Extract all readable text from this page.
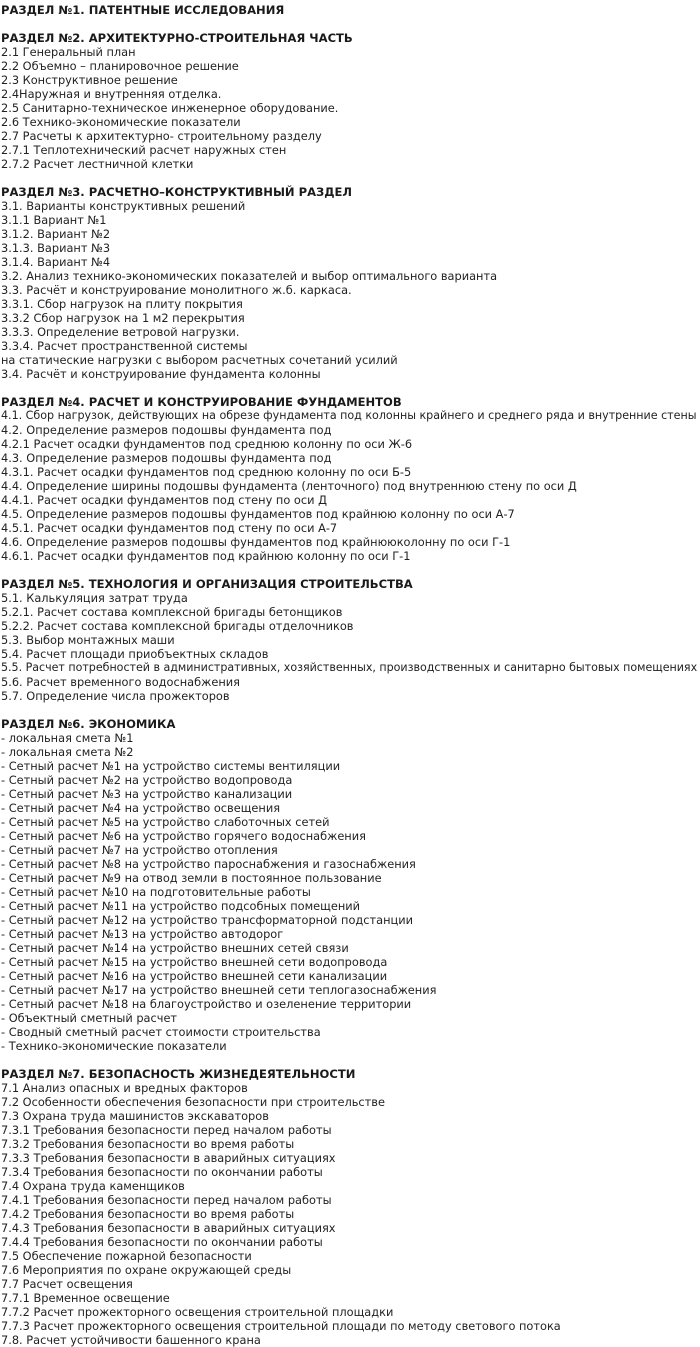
РАЗДЕЛ №1. ПАТЕНТНЫЕ ИССЛЕДОВАНИЯ
РАЗДЕЛ №2. АРХИТЕКТУРНО-СТРОИТЕЛЬНАЯ ЧАСТЬ
2.1 Генеральный план
2.2 Объемно – планировочное решение
2.3 Конструктивное решение
2.4Наружная и внутренняя отделка.
2.5 Санитарно-техническое инженерное оборудование.
2.6 Технико-экономические показатели
2.7 Расчеты к архитектурно- строительному разделу
2.7.1 Теплотехнический расчет наружных стен
2.7.2 Расчет лестничной клетки
РАЗДЕЛ №3. РАСЧЕТНО–КОНСТРУКТИВНЫЙ РАЗДЕЛ
3.1. Варианты конструктивных решений
3.1.1 Вариант №1
3.1.2. Вариант №2
3.1.3. Вариант №3
3.1.4. Вариант №4
3.2. Анализ технико-экономических показателей и выбор оптимального варианта
3.3. Расчёт и конструирование монолитного ж.б. каркаса.
3.3.1. Сбор нагрузок на плиту покрытия
3.3.2 Сбор нагрузок на 1 м2 перекрытия
3.3.3. Определение ветровой нагрузки.
3.3.4. Расчет пространственной системы
на статические нагрузки с выбором расчетных сочетаний усилий
3.4. Расчёт и конструирование фундамента колонны
РАЗДЕЛ №4. РАСЧЕТ И КОНСТРУИРОВАНИЕ ФУНДАМЕНТОВ
4.1. Сбор нагрузок, действующих на обрезе фундамента под колонны крайнего и среднего ряда и внутренние стены
4.2. Определение размеров подошвы фундамента под
4.2.1 Расчет осадки фундаментов под среднюю колонну по оси Ж-6
4.3. Определение размеров подошвы фундамента под
4.3.1. Расчет осадки фундаментов под среднюю колонну по оси Б-5
4.4. Определение ширины подошвы фундамента (ленточного) под внутреннюю стену по оси Д
4.4.1. Расчет осадки фундаментов под стену по оси Д
4.5. Определение размеров подошвы фундаментов под крайнюю колонну по оси А-7
4.5.1. Расчет осадки фундаментов под стену по оси А-7
4.6. Определение размеров подошвы фундаментов под крайнююколонну по оси Г-1
4.6.1. Расчет осадки фундаментов под крайнюю колонну по оси Г-1
РАЗДЕЛ №5. ТЕХНОЛОГИЯ И ОРГАНИЗАЦИЯ СТРОИТЕЛЬСТВА
5.1. Калькуляция затрат труда
5.2.1. Расчет состава комплексной бригады бетонщиков
5.2.2. Расчет состава комплексной бригады отделочников
5.3. Выбор монтажных маши
5.4. Расчет площади приобъектных складов
5.5. Расчет потребностей в административных, хозяйственных, производственных и санитарно бытовых помещениях
5.6. Расчет временного водоснабжения
5.7. Определение числа прожекторов
РАЗДЕЛ №6. ЭКОНОМИКА
- локальная смета №1
- локальная смета №2
- Сетный расчет №1 на устройство системы вентиляции
- Сетный расчет №2 на устройство водопровода
- Сетный расчет №3 на устройство канализации
- Сетный расчет №4 на устройство освещения
- Сетный расчет №5 на устройство слаботочных сетей
- Сетный расчет №6 на устройство горячего водоснабжения
- Сетный расчет №7 на устройство отопления
- Сетный расчет №8 на устройство пароснабжения и газоснабжения
- Сетный расчет №9 на отвод земли в постоянное пользование
- Сетный расчет №10 на подготовительные работы
- Сетный расчет №11 на устройство подсобных помещений
- Сетный расчет №12 на устройство трансформаторной подстанции
- Сетный расчет №13 на устройство автодорог
- Сетный расчет №14 на устройство внешних сетей связи
- Сетный расчет №15 на устройство внешней сети водопровода
- Сетный расчет №16 на устройство внешней сети канализации
- Сетный расчет №17 на устройство внешней сети теплогазоснабжения
- Сетный расчет №18 на благоустройство и озеленение территории
- Объектный сметный расчет
- Сводный сметный расчет стоимости строительства
- Технико-экономические показатели
РАЗДЕЛ №7. БЕЗОПАСНОСТЬ ЖИЗНЕДЕЯТЕЛЬНОСТИ
7.1 Анализ опасных и вредных факторов
7.2 Особенности обеспечения безопасности при строительстве
7.3 Охрана труда машинистов экскаваторов
7.3.1 Требования безопасности перед началом работы
7.3.2 Требования безопасности во время работы
7.3.3 Требования безопасности в аварийных ситуациях
7.3.4 Требования безопасности по окончании работы
7.4 Охрана труда каменщиков
7.4.1 Требования безопасности перед началом работы
7.4.2 Требования безопасности во время работы
7.4.3 Требования безопасности в аварийных ситуациях
7.4.4 Требования безопасности по окончании работы
7.5 Обеспечение пожарной безопасности
7.6 Мероприятия по охране окружающей среды
7.7 Расчет освещения
7.7.1 Временное освещение
7.7.2 Расчет прожекторного освещения строительной площадки
7.7.3 Расчет прожекторного освещения строительной площади по методу светового потока
7.8. Расчет устойчивости башенного крана
